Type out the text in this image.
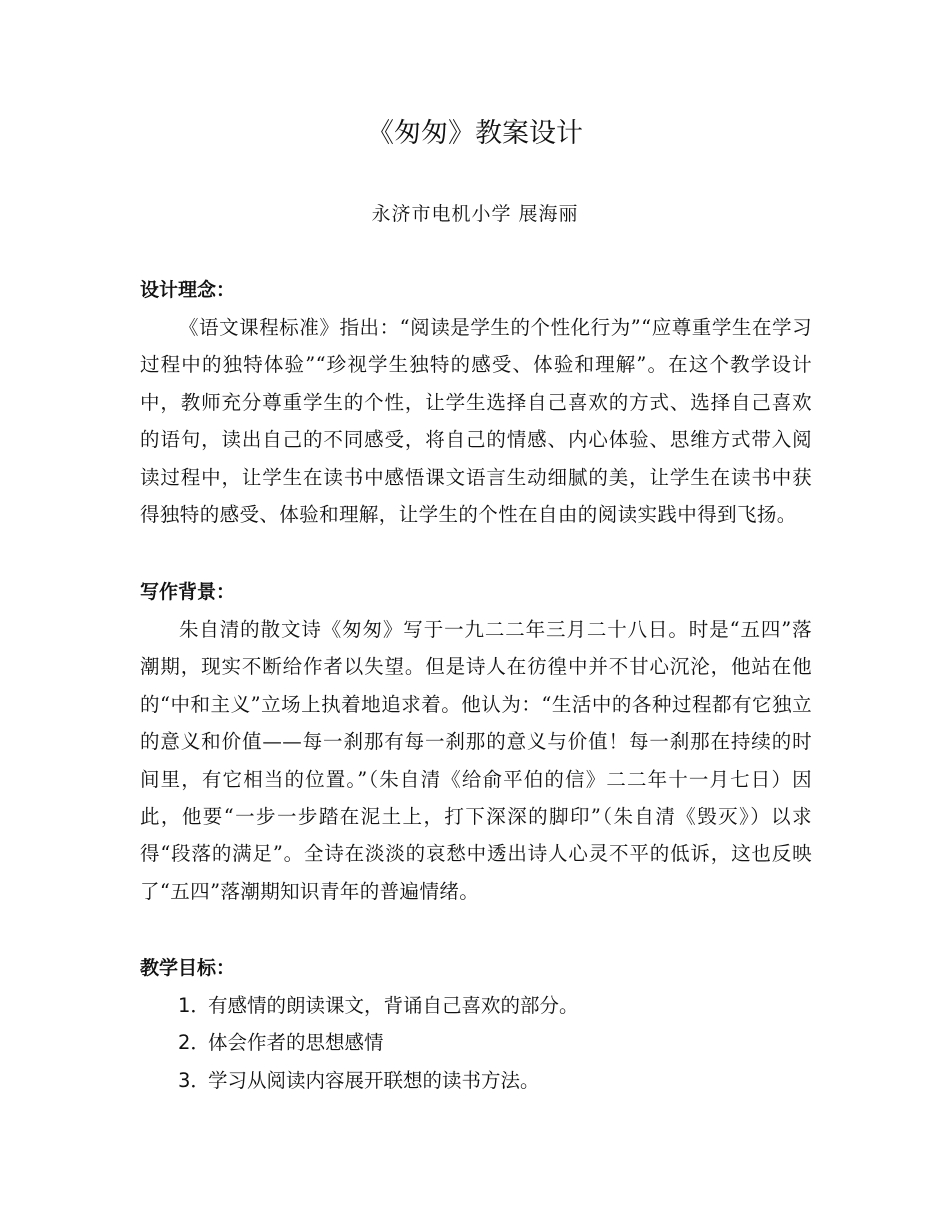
《匆匆》教案设计
永济市电机小学 展海丽

设计理念：

《语文课程标准》指出：“阅读是学生的个性化行为”“应尊重学生在学习过程中的独特体验”“珍视学生独特的感受、体验和理解”。在这个教学设计中，教师充分尊重学生的个性，让学生选择自己喜欢的方式、选择自己喜欢的语句，读出自己的不同感受，将自己的情感、内心体验、思维方式带入阅读过程中，让学生在读书中感悟课文语言生动细腻的美，让学生在读书中获得独特的感受、体验和理解，让学生的个性在自由的阅读实践中得到飞扬。

写作背景：

朱自清的散文诗《匆匆》写于一九二二年三月二十八日。时是“五四”落潮期，现实不断给作者以失望。但是诗人在彷徨中并不甘心沉沦，他站在他的“中和主义”立场上执着地追求着。他认为：“生活中的各种过程都有它独立的意义和价值——每一刹那有每一刹那的意义与价值！每一刹那在持续的时间里，有它相当的位置。”（朱自清《给俞平伯的信》二二年十一月七日）因此，他要“一步一步踏在泥土上，打下深深的脚印”（朱自清《毁灭》）以求得“段落的满足”。全诗在淡淡的哀愁中透出诗人心灵不平的低诉，这也反映了“五四”落潮期知识青年的普遍情绪。

教学目标：

1．有感情的朗读课文，背诵自己喜欢的部分。
2．体会作者的思想感情
3．学习从阅读内容展开联想的读书方法。
